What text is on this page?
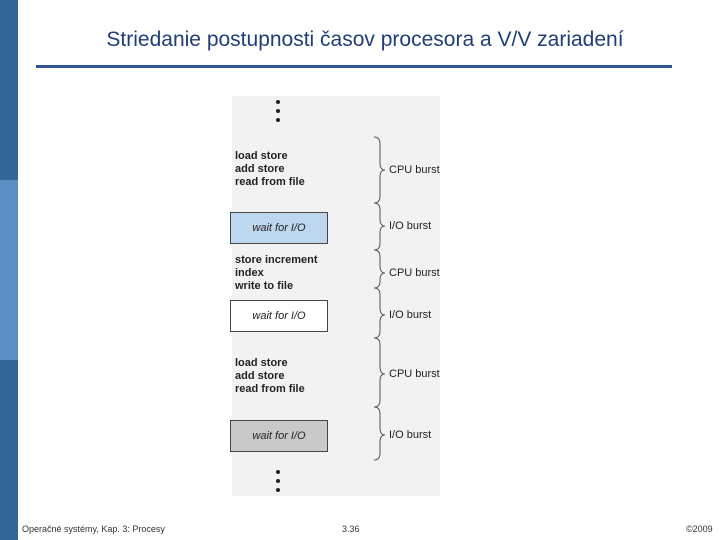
Striedanie postupnosti časov procesora a V/V zariadení
load store
add store
read from file
wait for I/O
store increment
index
write to file
wait for I/O
load store
add store
read from file
wait for I/O
CPU burst
I/O burst
CPU burst
I/O burst
CPU burst
I/O burst
Operačné systémy, Kap. 3: Procesy	3.36	©2009
